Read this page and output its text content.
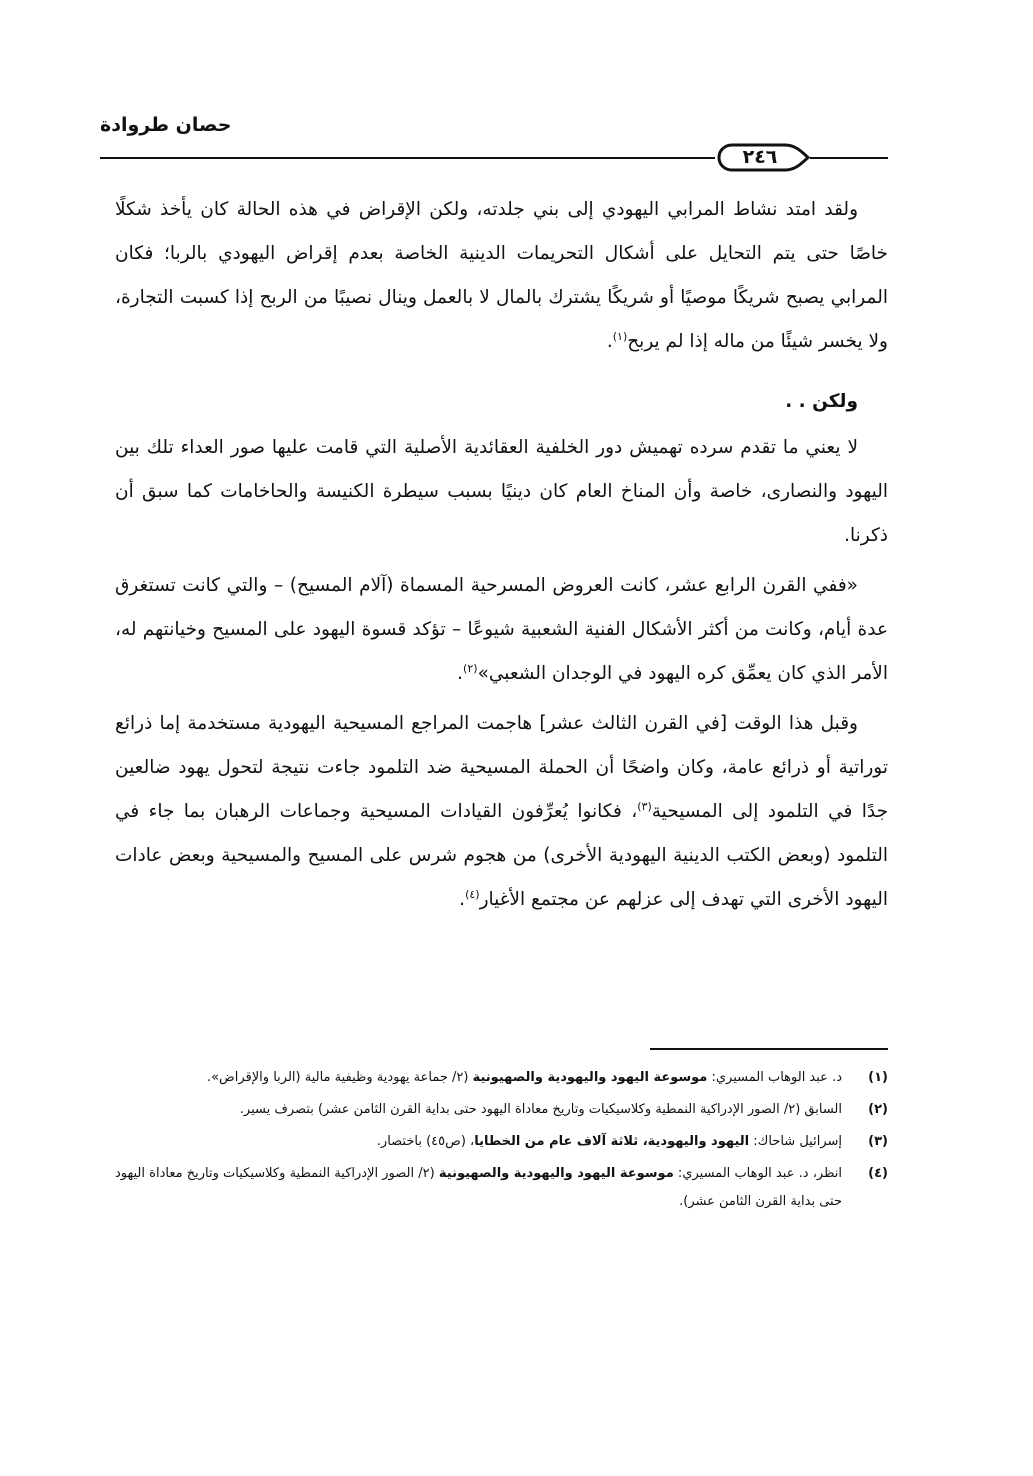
حصان طروادة
٢٤٦

ولقد امتد نشاط المرابي اليهودي إلى بني جلدته، ولكن الإقراض في هذه الحالة كان يأخذ شكلًا خاصًا حتى يتم التحايل على أشكال التحريمات الدينية الخاصة بعدم إقراض اليهودي بالربا؛ فكان المرابي يصبح شريكًا موصيًا أو شريكًا يشترك بالمال لا بالعمل وينال نصيبًا من الربح إذا كسبت التجارة، ولا يخسر شيئًا من ماله إذا لم يربح$^{(١)}$.

ولكن . .

لا يعني ما تقدم سرده تهميش دور الخلفية العقائدية الأصلية التي قامت عليها صور العداء تلك بين اليهود والنصارى، خاصة وأن المناخ العام كان دينيًا بسبب سيطرة الكنيسة والحاخامات كما سبق أن ذكرنا.

«ففي القرن الرابع عشر، كانت العروض المسرحية المسماة (آلام المسيح) – والتي كانت تستغرق عدة أيام، وكانت من أكثر الأشكال الفنية الشعبية شيوعًا – تؤكد قسوة اليهود على المسيح وخيانتهم له، الأمر الذي كان يعمِّق كره اليهود في الوجدان الشعبي»$^{(٢)}$.

وقبل هذا الوقت [في القرن الثالث عشر] هاجمت المراجع المسيحية اليهودية مستخدمة إما ذرائع توراتية أو ذرائع عامة، وكان واضحًا أن الحملة المسيحية ضد التلمود جاءت نتيجة لتحول يهود ضالعين جدًا في التلمود إلى المسيحية$^{(٣)}$، فكانوا يُعرِّفون القيادات المسيحية وجماعات الرهبان بما جاء في التلمود (وبعض الكتب الدينية اليهودية الأخرى) من هجوم شرس على المسيح والمسيحية وبعض عادات اليهود الأخرى التي تهدف إلى عزلهم عن مجتمع الأغيار$^{(٤)}$.

(١)
د. عبد الوهاب المسيري: موسوعة اليهود واليهودية والصهيونية (٢/ جماعة يهودية وظيفية مالية (الربا والإقراض».
(٢)
السابق (٢/ الصور الإدراكية النمطية وكلاسيكيات وتاريخ معاداة اليهود حتى بداية القرن الثامن عشر) بتصرف يسير.
(٣)
إسرائيل شاحاك: اليهود واليهودية، ثلاثة آلاف عام من الخطايا، (ص٤٥) باختصار.
(٤)
انظر، د. عبد الوهاب المسيري: موسوعة اليهود واليهودية والصهيونية (٢/ الصور الإدراكية النمطية وكلاسيكيات وتاريخ معاداة اليهود حتى بداية القرن الثامن عشر).
